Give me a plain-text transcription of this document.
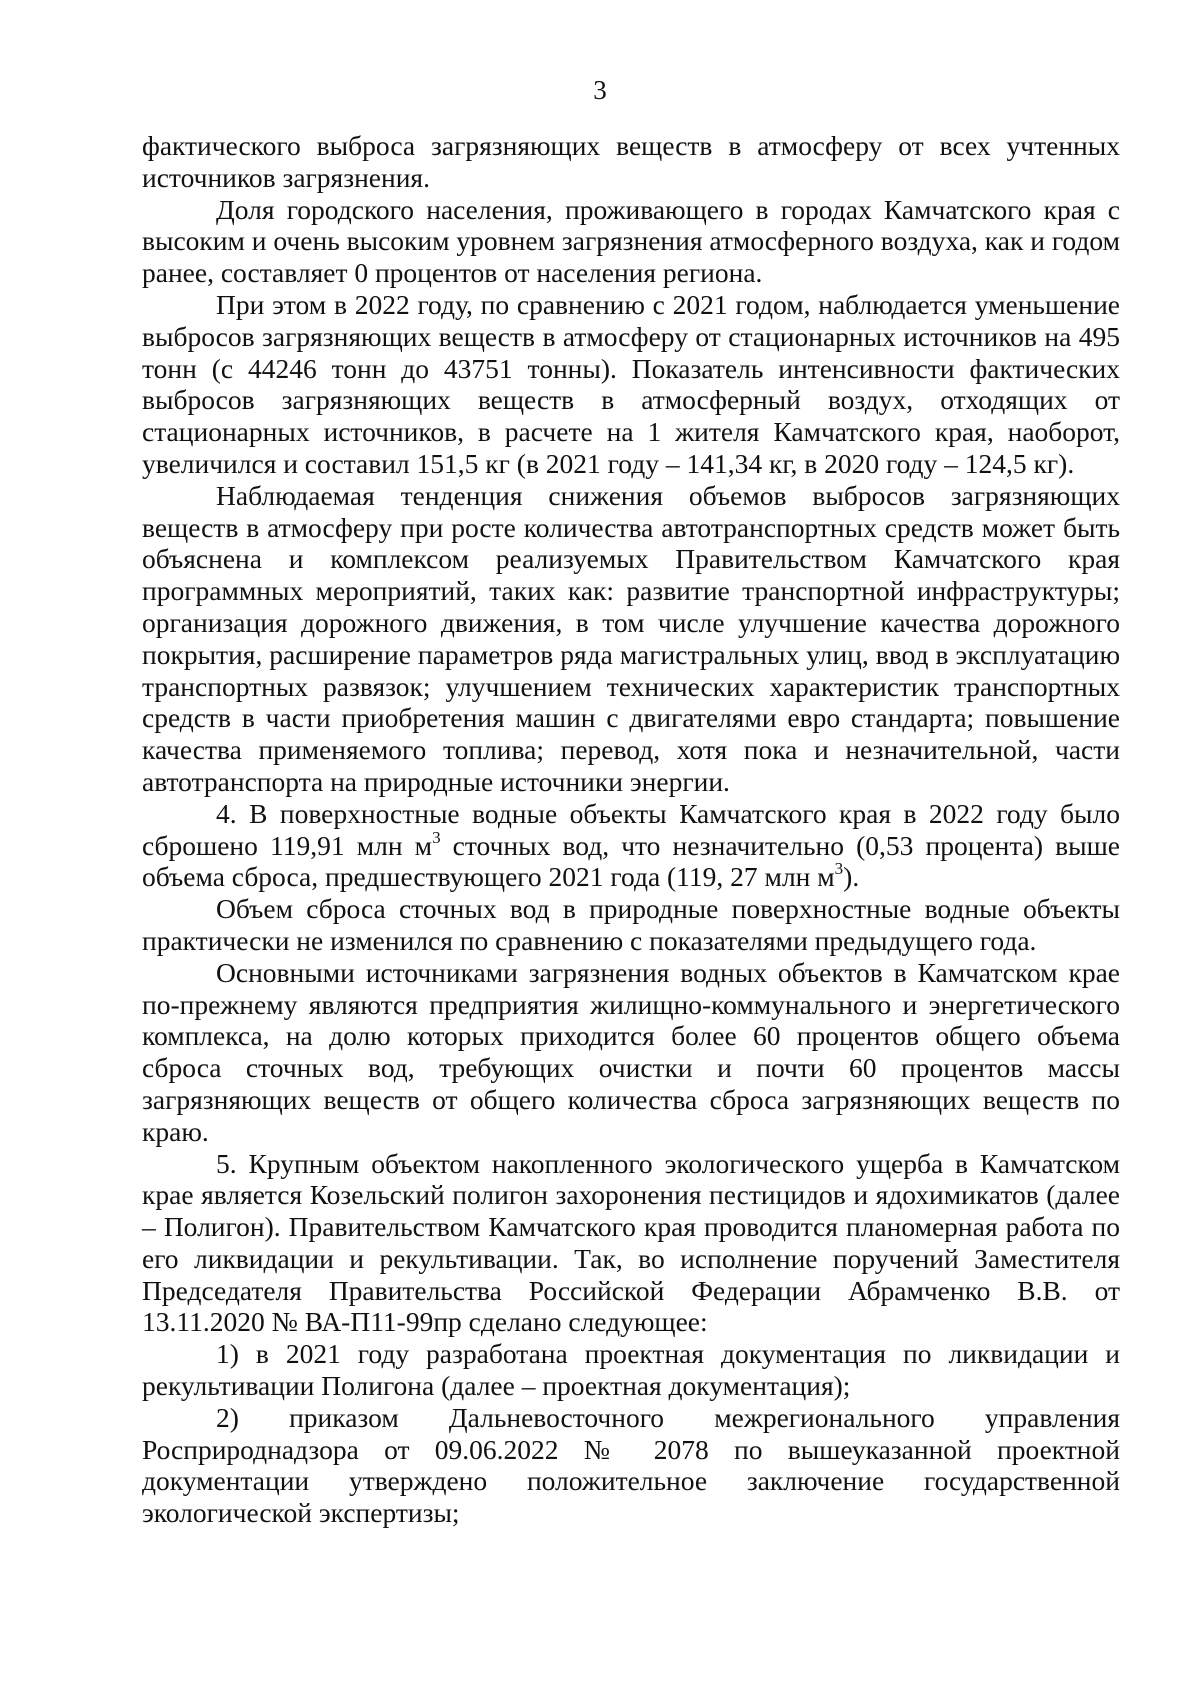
3

фактического выброса загрязняющих веществ в атмосферу от всех учтенных источников загрязнения.

Доля городского населения, проживающего в городах Камчатского края с высоким и очень высоким уровнем загрязнения атмосферного воздуха, как и годом ранее, составляет 0 процентов от населения региона.

При этом в 2022 году, по сравнению с 2021 годом, наблюдается уменьшение выбросов загрязняющих веществ в атмосферу от стационарных источников на 495 тонн (с 44246 тонн до 43751 тонны). Показатель интенсивности фактических выбросов загрязняющих веществ в атмосферный воздух, отходящих от стационарных источников, в расчете на 1 жителя Камчатского края, наоборот, увеличился и составил 151,5 кг (в 2021 году – 141,34 кг, в 2020 году – 124,5 кг).

Наблюдаемая тенденция снижения объемов выбросов загрязняющих веществ в атмосферу при росте количества автотранспортных средств может быть объяснена и комплексом реализуемых Правительством Камчатского края программных мероприятий, таких как: развитие транспортной инфраструктуры; организация дорожного движения, в том числе улучшение качества дорожного покрытия, расширение параметров ряда магистральных улиц, ввод в эксплуатацию транспортных развязок; улучшением технических характеристик транспортных средств в части приобретения машин с двигателями евро стандарта; повышение качества применяемого топлива; перевод, хотя пока и незначительной, части автотранспорта на природные источники энергии.

4. В поверхностные водные объекты Камчатского края в 2022 году было сброшено 119,91 млн $м^3$ сточных вод, что незначительно (0,53 процента) выше объема сброса, предшествующего 2021 года (119, 27 млн $м^3$).

Объем сброса сточных вод в природные поверхностные водные объекты практически не изменился по сравнению с показателями предыдущего года.

Основными источниками загрязнения водных объектов в Камчатском крае по-прежнему являются предприятия жилищно-коммунального и энергетического комплекса, на долю которых приходится более 60 процентов общего объема сброса сточных вод, требующих очистки и почти 60 процентов массы загрязняющих веществ от общего количества сброса загрязняющих веществ по краю.

5. Крупным объектом накопленного экологического ущерба в Камчатском крае является Козельский полигон захоронения пестицидов и ядохимикатов (далее – Полигон). Правительством Камчатского края проводится планомерная работа по его ликвидации и рекультивации. Так, во исполнение поручений Заместителя Председателя Правительства Российской Федерации Абрамченко В.В. от 13.11.2020 № ВА-П11-99пр сделано следующее:

1) в 2021 году разработана проектная документация по ликвидации и рекультивации Полигона (далее – проектная документация);

2) приказом Дальневосточного межрегионального управления Росприроднадзора от 09.06.2022 № 2078 по вышеуказанной проектной документации утверждено положительное заключение государственной экологической экспертизы;
